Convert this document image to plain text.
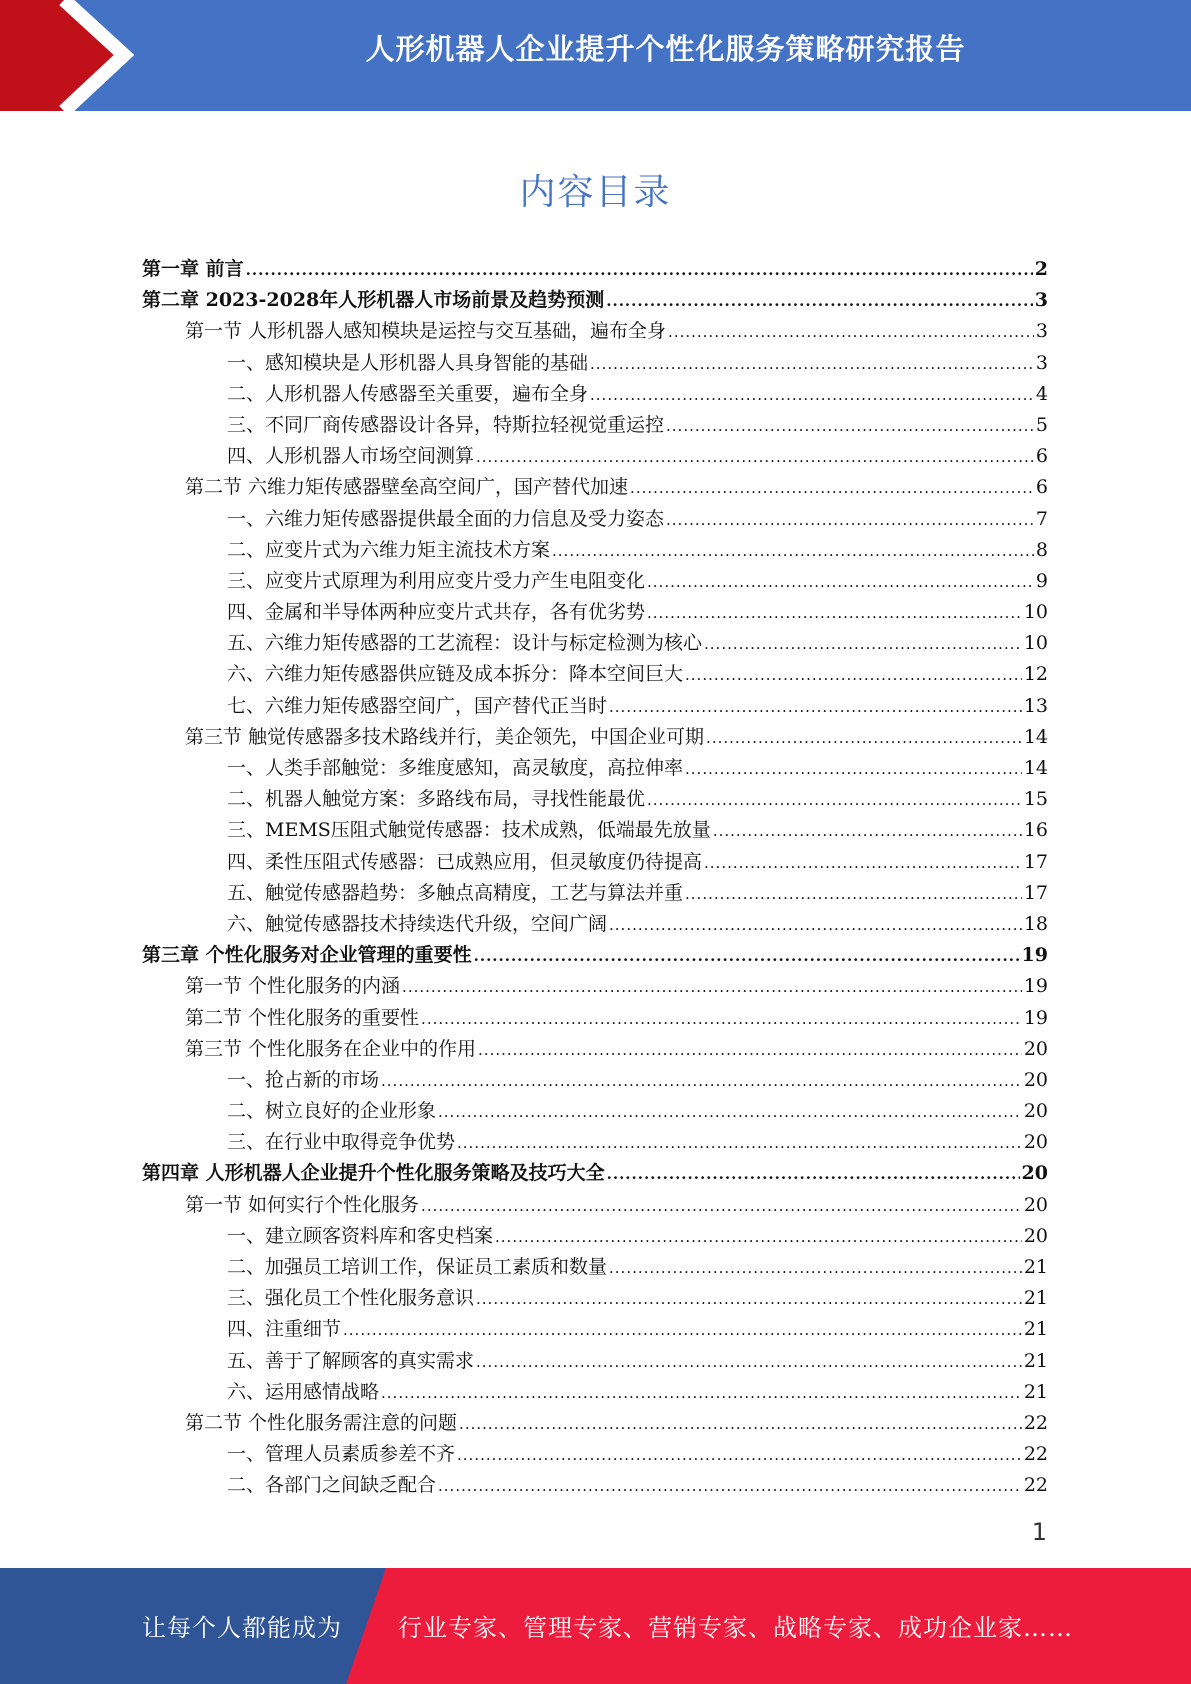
人形机器人企业提升个性化服务策略研究报告
内容目录
第一章 前言 .....	2
第二章 2023-2028年人形机器人市场前景及趋势预测 .....	3
第一节 人形机器人感知模块是运控与交互基础，遍布全身 .....	3
一、感知模块是人形机器人具身智能的基础 .....	3
二、人形机器人传感器至关重要，遍布全身 .....	4
三、不同厂商传感器设计各异，特斯拉轻视觉重运控 .....	5
四、人形机器人市场空间测算 .....	6
第二节 六维力矩传感器壁垒高空间广，国产替代加速 .....	6
一、六维力矩传感器提供最全面的力信息及受力姿态 .....	7
二、应变片式为六维力矩主流技术方案 .....	8
三、应变片式原理为利用应变片受力产生电阻变化 .....	9
四、金属和半导体两种应变片式共存，各有优劣势 .....	10
五、六维力矩传感器的工艺流程：设计与标定检测为核心 .....	10
六、六维力矩传感器供应链及成本拆分：降本空间巨大 .....	12
七、六维力矩传感器空间广，国产替代正当时 .....	13
第三节 触觉传感器多技术路线并行，美企领先，中国企业可期 .....	14
一、人类手部触觉：多维度感知，高灵敏度，高拉伸率 .....	14
二、机器人触觉方案：多路线布局，寻找性能最优 .....	15
三、MEMS压阻式触觉传感器：技术成熟，低端最先放量 .....	16
四、柔性压阻式传感器：已成熟应用，但灵敏度仍待提高 .....	17
五、触觉传感器趋势：多触点高精度，工艺与算法并重 .....	17
六、触觉传感器技术持续迭代升级，空间广阔 .....	18
第三章 个性化服务对企业管理的重要性 .....	19
第一节 个性化服务的内涵 .....	19
第二节 个性化服务的重要性 .....	19
第三节 个性化服务在企业中的作用 .....	20
一、抢占新的市场 .....	20
二、树立良好的企业形象 .....	20
三、在行业中取得竞争优势 .....	20
第四章 人形机器人企业提升个性化服务策略及技巧大全 .....	20
第一节 如何实行个性化服务 .....	20
一、建立顾客资料库和客史档案 .....	20
二、加强员工培训工作，保证员工素质和数量 .....	21
三、强化员工个性化服务意识 .....	21
四、注重细节 .....	21
五、善于了解顾客的真实需求 .....	21
六、运用感情战略 .....	21
第二节 个性化服务需注意的问题 .....	22
一、管理人员素质参差不齐 .....	22
二、各部门之间缺乏配合 .....	22
1
让每个人都能成为 行业专家、管理专家、营销专家、战略专家、成功企业家……
